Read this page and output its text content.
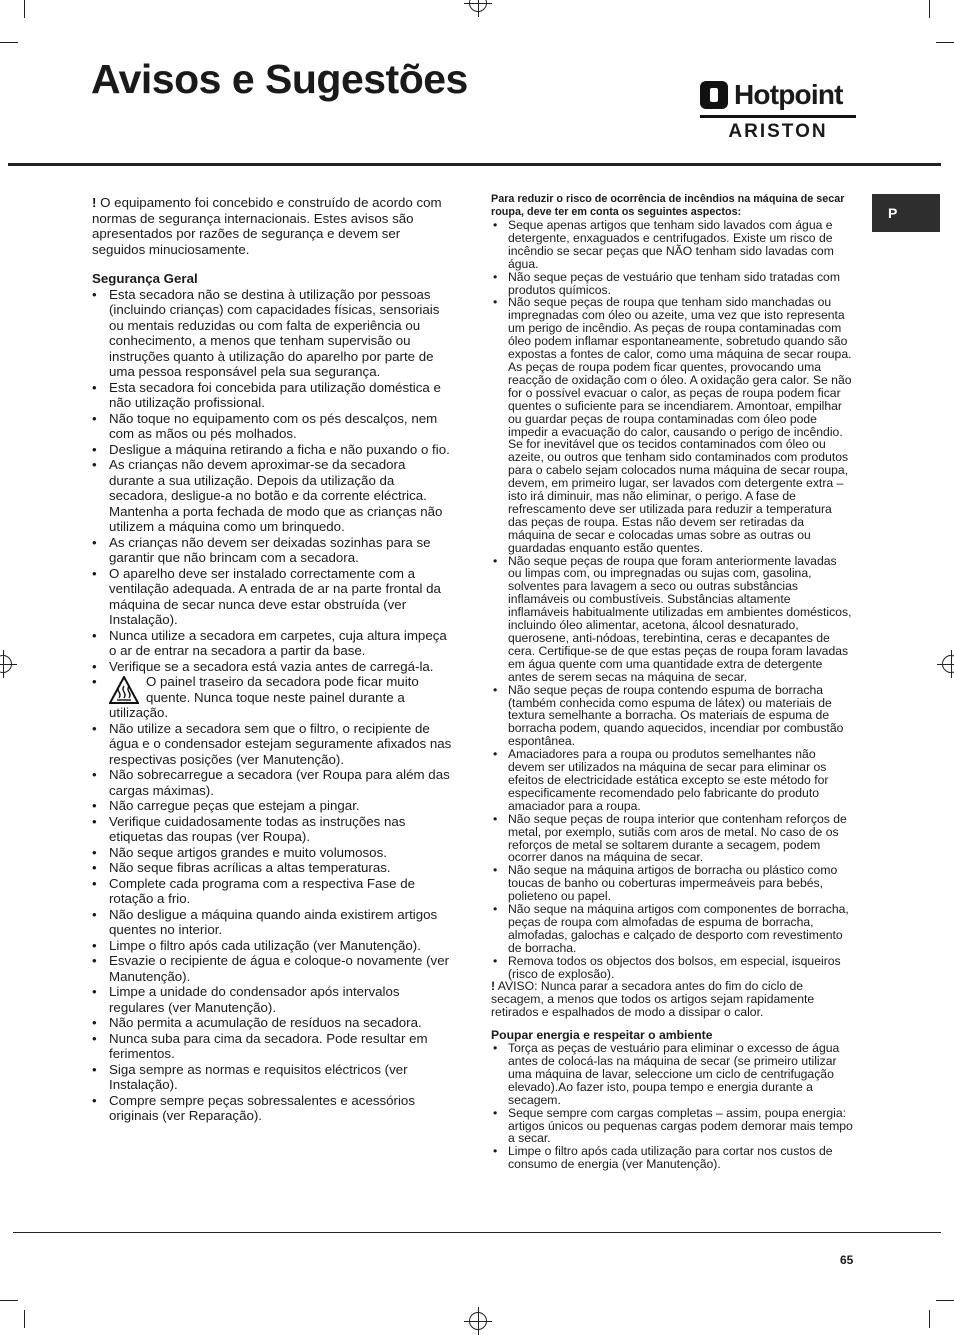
Avisos e Sugestões	Hotpoint
ARISTON
P

! O equipamento foi concebido e construído de acordo com normas de segurança internacionais. Estes avisos são apresentados por razões de segurança e devem ser seguidos minuciosamente.

Segurança Geral

• Esta secadora não se destina à utilização por pessoas (incluindo crianças) com capacidades físicas, sensoriais ou mentais reduzidas ou com falta de experiência ou conhecimento, a menos que tenham supervisão ou instruções quanto à utilização do aparelho por parte de uma pessoa responsável pela sua segurança.
• Esta secadora foi concebida para utilização doméstica e não utilização profissional.
• Não toque no equipamento com os pés descalços, nem com as mãos ou pés molhados.
• Desligue a máquina retirando a ficha e não puxando o fio.
• As crianças não devem aproximar-se da secadora durante a sua utilização. Depois da utilização da secadora, desligue-a no botão e da corrente eléctrica. Mantenha a porta fechada de modo que as crianças não utilizem a máquina como um brinquedo.
• As crianças não devem ser deixadas sozinhas para se garantir que não brincam com a secadora.
• O aparelho deve ser instalado correctamente com a ventilação adequada. A entrada de ar na parte frontal da máquina de secar nunca deve estar obstruída (ver Instalação).
• Nunca utilize a secadora em carpetes, cuja altura impeça o ar de entrar na secadora a partir da base.
• Verifique se a secadora está vazia antes de carregá-la.
• O painel traseiro da secadora pode ficar muito quente. Nunca toque neste painel durante a utilização.
• Não utilize a secadora sem que o filtro, o recipiente de água e o condensador estejam seguramente afixados nas respectivas posições (ver Manutenção).
• Não sobrecarregue a secadora (ver Roupa para além das cargas máximas).
• Não carregue peças que estejam a pingar.
• Verifique cuidadosamente todas as instruções nas etiquetas das roupas (ver Roupa).
• Não seque artigos grandes e muito volumosos.
• Não seque fibras acrílicas a altas temperaturas.
• Complete cada programa com a respectiva Fase de rotação a frio.
• Não desligue a máquina quando ainda existirem artigos quentes no interior.
• Limpe o filtro após cada utilização (ver Manutenção).
• Esvazie o recipiente de água e coloque-o novamente (ver Manutenção).
• Limpe a unidade do condensador após intervalos regulares (ver Manutenção).
• Não permita a acumulação de resíduos na secadora.
• Nunca suba para cima da secadora. Pode resultar em ferimentos.
• Siga sempre as normas e requisitos eléctricos (ver Instalação).
• Compre sempre peças sobressalentes e acessórios originais (ver Reparação).

Para reduzir o risco de ocorrência de incêndios na máquina de secar roupa, deve ter em conta os seguintes aspectos:

• Seque apenas artigos que tenham sido lavados com água e detergente, enxaguados e centrifugados. Existe um risco de incêndio se secar peças que NÃO tenham sido lavadas com água.
• Não seque peças de vestuário que tenham sido tratadas com produtos químicos.
• Não seque peças de roupa que tenham sido manchadas ou impregnadas com óleo ou azeite, uma vez que isto representa um perigo de incêndio. As peças de roupa contaminadas com óleo podem inflamar espontaneamente, sobretudo quando são expostas a fontes de calor, como uma máquina de secar roupa. As peças de roupa podem ficar quentes, provocando uma reacção de oxidação com o óleo. A oxidação gera calor. Se não for o possível evacuar o calor, as peças de roupa podem ficar quentes o suficiente para se incendiarem. Amontoar, empilhar ou guardar peças de roupa contaminadas com óleo pode impedir a evacuação do calor, causando o perigo de incêndio. Se for inevitável que os tecidos contaminados com óleo ou azeite, ou outros que tenham sido contaminados com produtos para o cabelo sejam colocados numa máquina de secar roupa, devem, em primeiro lugar, ser lavados com detergente extra – isto irá diminuir, mas não eliminar, o perigo. A fase de refrescamento deve ser utilizada para reduzir a temperatura das peças de roupa. Estas não devem ser retiradas da máquina de secar e colocadas umas sobre as outras ou guardadas enquanto estão quentes.
• Não seque peças de roupa que foram anteriormente lavadas ou limpas com, ou impregnadas ou sujas com, gasolina, solventes para lavagem a seco ou outras substâncias inflamáveis ou combustíveis. Substâncias altamente inflamáveis habitualmente utilizadas em ambientes domésticos, incluindo óleo alimentar, acetona, álcool desnaturado, querosene, anti-nódoas, terebintina, ceras e decapantes de cera. Certifique-se de que estas peças de roupa foram lavadas em água quente com uma quantidade extra de detergente antes de serem secas na máquina de secar.
• Não seque peças de roupa contendo espuma de borracha (também conhecida como espuma de látex) ou materiais de textura semelhante a borracha. Os materiais de espuma de borracha podem, quando aquecidos, incendiar por combustão espontânea.
• Amaciadores para a roupa ou produtos semelhantes não devem ser utilizados na máquina de secar para eliminar os efeitos de electricidade estática excepto se este método for especificamente recomendado pelo fabricante do produto amaciador para a roupa.
• Não seque peças de roupa interior que contenham reforços de metal, por exemplo, sutiãs com aros de metal. No caso de os reforços de metal se soltarem durante a secagem, podem ocorrer danos na máquina de secar.
• Não seque na máquina artigos de borracha ou plástico como toucas de banho ou coberturas impermeáveis para bebés, polieteno ou papel.
• Não seque na máquina artigos com componentes de borracha, peças de roupa com almofadas de espuma de borracha, almofadas, galochas e calçado de desporto com revestimento de borracha.
• Remova todos os objectos dos bolsos, em especial, isqueiros (risco de explosão).

! AVISO: Nunca parar a secadora antes do fim do ciclo de secagem, a menos que todos os artigos sejam rapidamente retirados e espalhados de modo a dissipar o calor.

Poupar energia e respeitar o ambiente

• Torça as peças de vestuário para eliminar o excesso de água antes de colocá-las na máquina de secar (se primeiro utilizar uma máquina de lavar, seleccione um ciclo de centrifugação elevado).Ao fazer isto, poupa tempo e energia durante a secagem.
• Seque sempre com cargas completas – assim, poupa energia: artigos únicos ou pequenas cargas podem demorar mais tempo a secar.
• Limpe o filtro após cada utilização para cortar nos custos de consumo de energia (ver Manutenção).
65
